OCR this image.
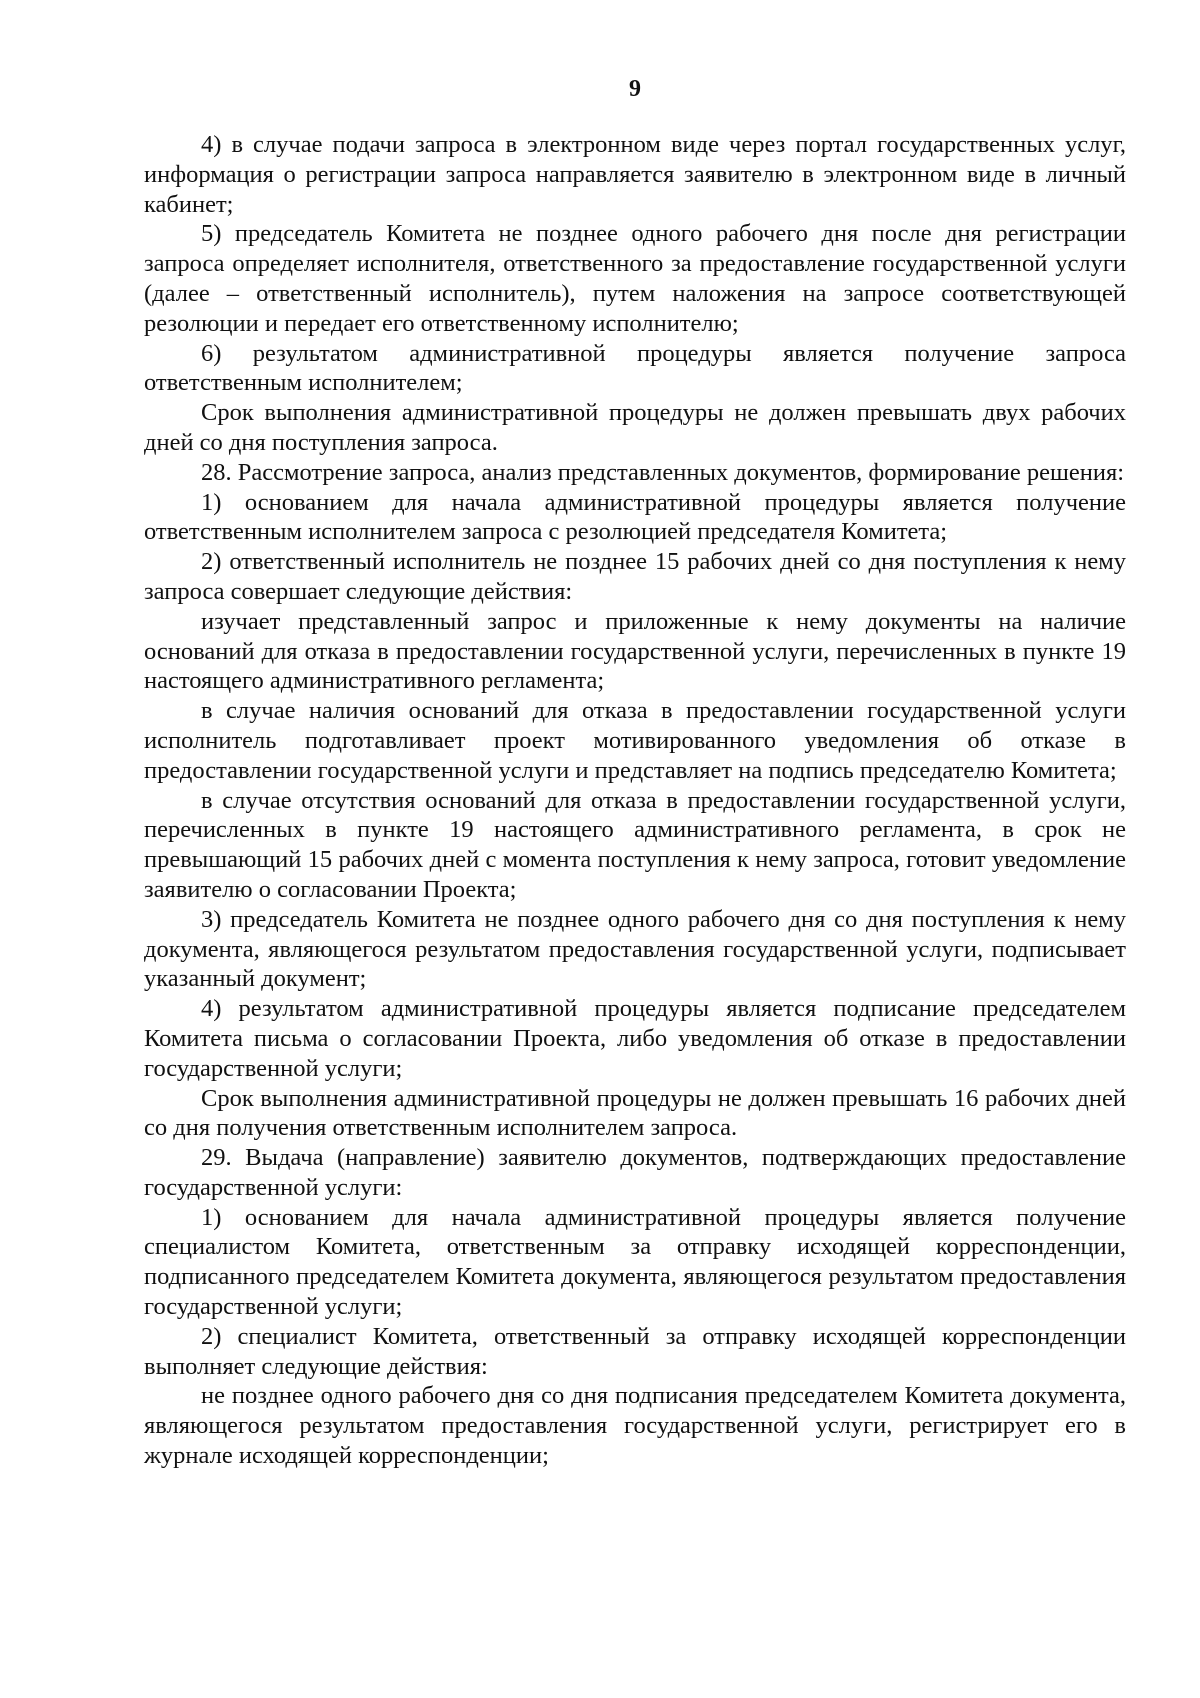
9

4) в случае подачи запроса в электронном виде через портал государственных услуг, информация о регистрации запроса направляется заявителю в электронном виде в личный кабинет;

5) председатель Комитета не позднее одного рабочего дня после дня регистрации запроса определяет исполнителя, ответственного за предоставление государственной услуги (далее – ответственный исполнитель), путем наложения на запросе соответствующей резолюции и передает его ответственному исполнителю;

6) результатом административной процедуры является получение запроса ответственным исполнителем;

Срок выполнения административной процедуры не должен превышать двух рабочих дней со дня поступления запроса.

28. Рассмотрение запроса, анализ представленных документов, формирование решения:

1) основанием для начала административной процедуры является получение ответственным исполнителем запроса с резолюцией председателя Комитета;

2) ответственный исполнитель не позднее 15 рабочих дней со дня поступления к нему запроса совершает следующие действия:

изучает представленный запрос и приложенные к нему документы на наличие оснований для отказа в предоставлении государственной услуги, перечисленных в пункте 19 настоящего административного регламента;

в случае наличия оснований для отказа в предоставлении государственной услуги исполнитель подготавливает проект мотивированного уведомления об отказе в предоставлении государственной услуги и представляет на подпись председателю Комитета;

в случае отсутствия оснований для отказа в предоставлении государственной услуги, перечисленных в пункте 19 настоящего административного регламента, в срок не превышающий 15 рабочих дней с момента поступления к нему запроса, готовит уведомление заявителю о согласовании Проекта;

3) председатель Комитета не позднее одного рабочего дня со дня поступления к нему документа, являющегося результатом предоставления государственной услуги, подписывает указанный документ;

4) результатом административной процедуры является подписание председателем Комитета письма о согласовании Проекта, либо уведомления об отказе в предоставлении государственной услуги;

Срок выполнения административной процедуры не должен превышать 16 рабочих дней со дня получения ответственным исполнителем запроса.

29. Выдача (направление) заявителю документов, подтверждающих предоставление государственной услуги:

1) основанием для начала административной процедуры является получение специалистом Комитета, ответственным за отправку исходящей корреспонденции, подписанного председателем Комитета документа, являющегося результатом предоставления государственной услуги;

2) специалист Комитета, ответственный за отправку исходящей корреспонденции выполняет следующие действия:

не позднее одного рабочего дня со дня подписания председателем Комитета документа, являющегося результатом предоставления государственной услуги, регистрирует его в журнале исходящей корреспонденции;
